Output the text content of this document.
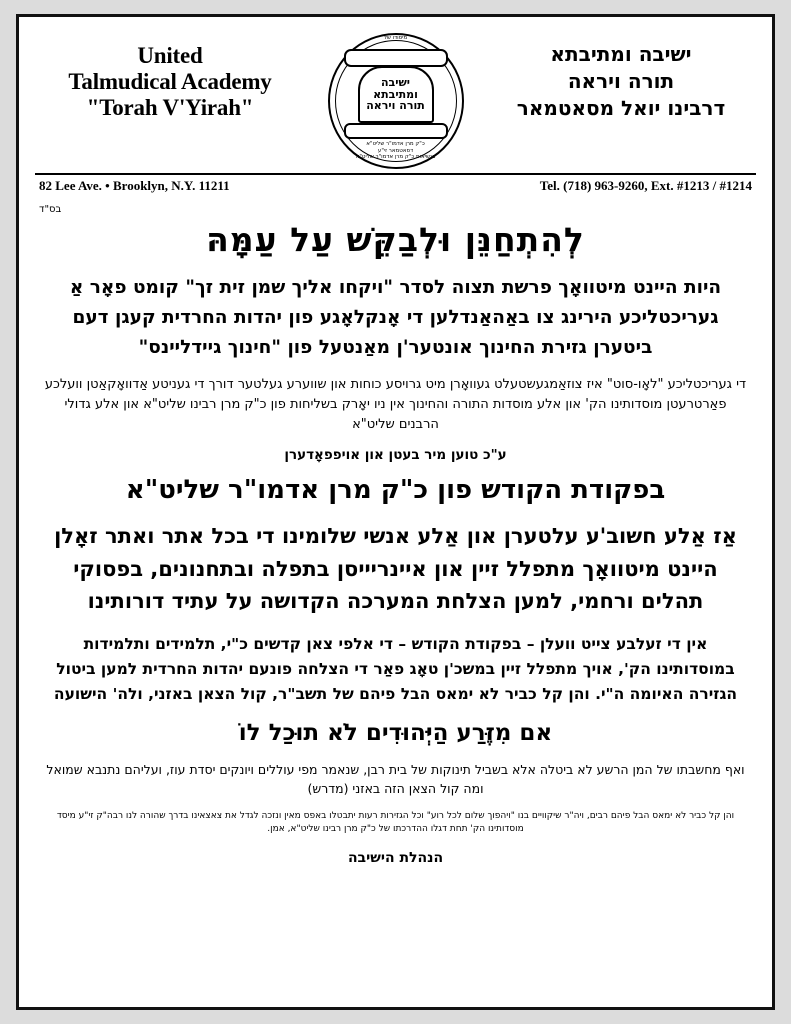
United
Talmudical Academy
"Torah V'Yirah"
מיסודו של
ישיבה
ומתיבתא
תורה ויראה
כ"ק מרן אדמו"ר שליט"א
דסאטמאר זי"ע
בנשיאות כ"ק מרן אדמו"ר שליט"א
ישיבה ומתיבתא
תורה ויראה
דרבינו יואל מסאטמאר
82 Lee Ave. • Brooklyn, N.Y. 11211	Tel. (718) 963-9260, Ext. #1213 / #1214
בס"ד
לְהִתְחַנֵּן וּלְבַקֵּשׁ עַל עַמָּהּ
היות היינט מיטוואָך פרשת תצוה לסדר "ויקחו אליך שמן זית זך" קומט פאָר אַ געריכטליכע הירינג צו באַהאַנדלען די אָנקלאָגע פון יהדות החרדית קעגן דעם ביטערן גזירת החינוך אונטער'ן מאַנטעל פון "חינוך גיידליינס"
די געריכטליכע "לאָו-סוט" איז צוזאַמגעשטעלט געוואָרן מיט גרויסע כוחות און שווערע געלטער דורך די געניטע אַדוואָקאַטן וועלכע פאַרטרעטן מוסדותינו הק' און אלע מוסדות התורה והחינוך אין ניו יאָרק בשליחות פון כ"ק מרן רבינו שליט"א און אלע גדולי הרבנים שליט"א
ע"כ טוען מיר בעטן און אויפפאָדערן
בפקודת הקודש פון כ"ק מרן אדמו"ר שליט"א
אַז אַלע חשוב'ע עלטערן און אַלע אנשי שלומינו די בכל אתר ואתר זאָלן היינט מיטוואָך מתפלל זיין און איינריייסן בתפלה ובתחנונים, בפסוקי תהלים ורחמי, למען הצלחת המערכה הקדושה על עתיד דורותינו
אין די זעלבע צייט וועלן – בפקודת הקודש – די אלפי צאן קדשים כ"י, תלמידים ותלמידות במוסדותינו הק', אויך מתפלל זיין במשכ'ן טאָג פאַר די הצלחה פונעם יהדות החרדית למען ביטול הגזירה האיומה ה"י. והן קל כביר לא ימאס הבל פיהם של תשב"ר, קול הצאן באזני, ולה' הישועה
אם מִזֶּרַע הַיְּהוּדִים לֹא תוּכַל לוֹ
ואף מחשבתו של המן הרשע לא ביטלה אלא בשביל תינוקות של בית רבן, שנאמר מפי עוללים ויונקים יסדת עוז, ועליהם נתנבא שמואל ומה קול הצאן הזה באזני (מדרש)
והן קל כביר לא ימאס הבל פיהם רבים, ויה"ר שיקוויים בנו "ויהפוך שלום לכל רוע" וכל הגזירות רעות יתבטלו באפס מאין ונזכה לגדל את צאצאינו בדרך שהורה לנו רבה"ק זי"ע מיסד מוסדותינו הק' תחת דגלו ההדרכתו של כ"ק מרן רבינו שליט"א, אמן.
הנהלת הישיבה
